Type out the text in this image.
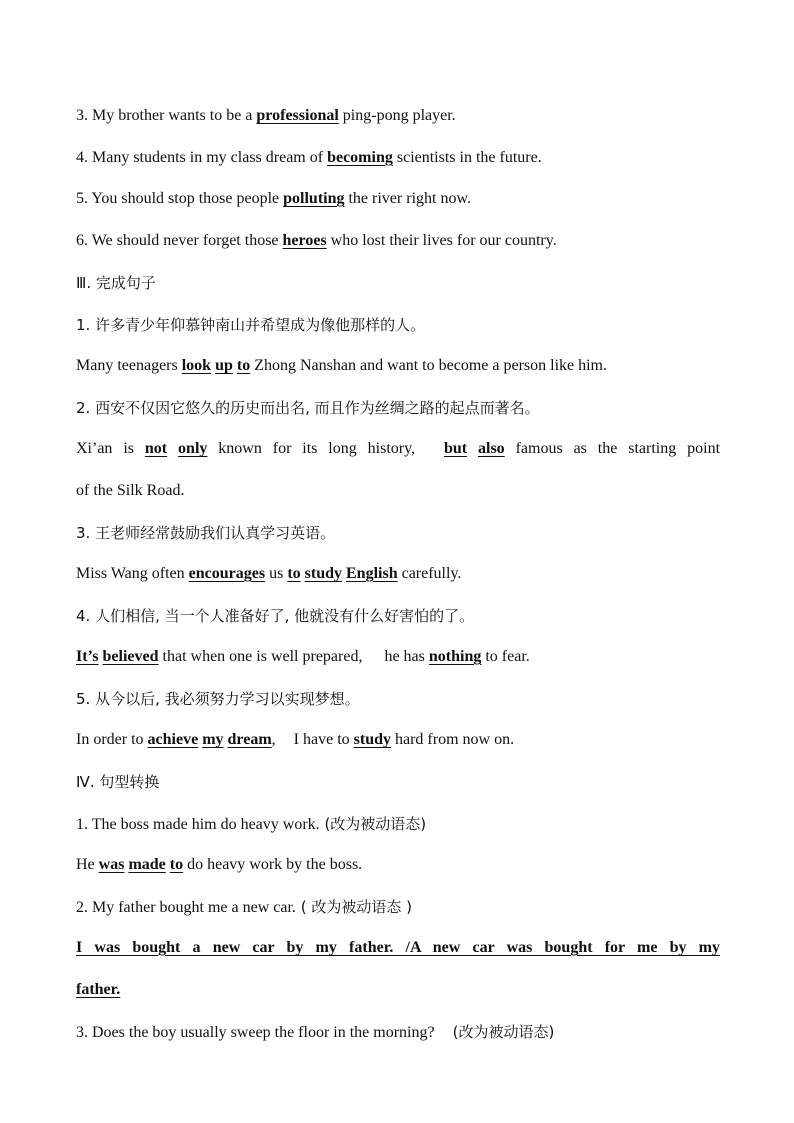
3. My brother wants to be a professional ping-pong player.
4. Many students in my class dream of becoming scientists in the future.
5. You should stop those people polluting the river right now.
6. We should never forget those heroes who lost their lives for our country.
Ⅲ. 完成句子
1. 许多青少年仰慕钟南山并希望成为像他那样的人。
Many teenagers look up to Zhong Nanshan and want to become a person like him.
2. 西安不仅因它悠久的历史而出名, 而且作为丝绸之路的起点而著名。
Xi’an is not only known for its long history, but also famous as the starting point
of the Silk Road.
3. 王老师经常鼓励我们认真学习英语。
Miss Wang often encourages us to study English carefully.
4. 人们相信, 当一个人准备好了, 他就没有什么好害怕的了。
It’s believed that when one is well prepared, he has nothing to fear.
5. 从今以后, 我必须努力学习以实现梦想。
In order to achieve my dream, I have to study hard from now on.
Ⅳ. 句型转换
1. The boss made him do heavy work. (改为被动语态)
He was made to do heavy work by the boss.
2. My father bought me a new car. ( 改为被动语态 )
I was bought a new car by my father. /A new car was bought for me by my
father.
3. Does the boy usually sweep the floor in the morning? (改为被动语态)
